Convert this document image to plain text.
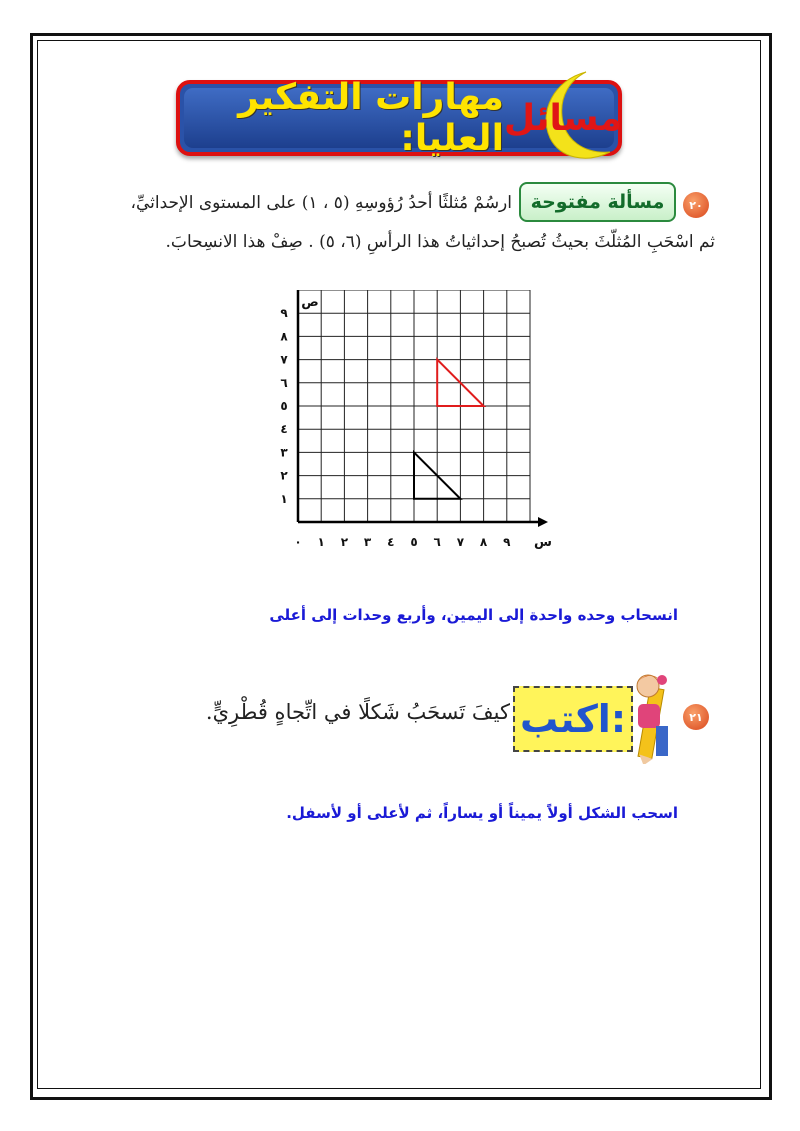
مسائل
مهارات التفكير العليا:
٢٠
مسألة مفتوحة
ارسُمْ مُثلثًا أحدُ رُؤوسِهِ (٥ ، ١) على المستوى الإحداثيِّ،
ثم اسْحَبِ المُثلّثَ بحيثُ تُصبحُ إحداثياتُ هذا الرأسِ (٦، ٥) . صِفْ هذا الانسِحابَ.
٠ ١ ٢ ٣ ٤ ٥ ٦ ٧ ٨ ٩
١
٢
٣
٤
٥
٦
٧
٨
٩
س
ص
انسحاب وحده واحدة إلى اليمين، وأربع وحدات إلى أعلى
٢١
اكتب:
كيفَ تَسحَبُ شَكلًا في اتِّجاهٍ قُطْرِيٍّ.
اسحب الشكل أولاً يميناً أو يساراً، ثم لأعلى أو لأسفل.
